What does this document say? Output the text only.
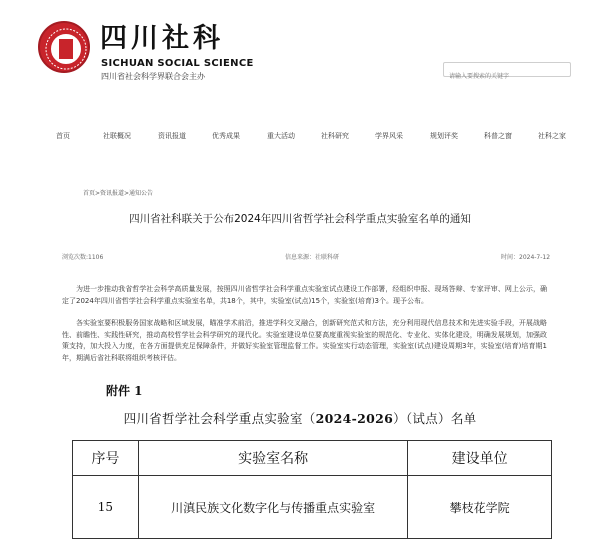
四川社科
SICHUAN SOCIAL SCIENCE
四川省社会科学界联合会主办
请输入要搜索的关键字
首页	社联概况	资讯报道	优秀成果	重大活动	社科研究	学界风采	规划评奖	科普之窗	社科之家
首页>资讯报道>通知公告
四川省社科联关于公布2024年四川省哲学社会科学重点实验室名单的通知
浏览次数:1106	信息来源：社联科研	时间：2024-7-12
为进一步推动我省哲学社会科学高质量发展，按照四川省哲学社会科学重点实验室试点建设工作部署，经组织申报、现场答辩、专家评审、网上公示，确定了2024年四川省哲学社会科学重点实验室名单，共18个，其中，实验室(试点)15个，实验室(培育)3个。现予公布。
各实验室要积极服务国家战略和区域发展，瞄准学术前沿，推进学科交叉融合，创新研究范式和方法，充分利用现代信息技术和先进实验手段，开展战略性、前瞻性、实践性研究，推动高校哲学社会科学研究的现代化。实验室建设单位要高度重视实验室的规范化、专业化、实体化建设，明确发展规划，加强政策支持，加大投入力度，在各方面提供充足保障条件，并做好实验室管理监督工作。实验室实行动态管理，实验室(试点)建设周期3年，实验室(培育)培育期1年，期满后省社科联将组织考核评估。
附件 1
四川省哲学社会科学重点实验室（2024-2026）（试点）名单
序号	实验室名称	建设单位
15	川滇民族文化数字化与传播重点实验室	攀枝花学院
